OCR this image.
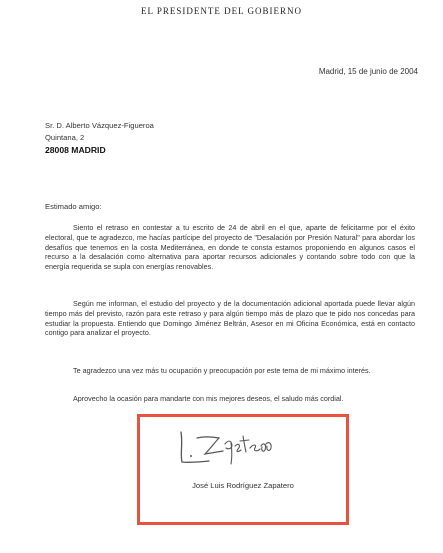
EL PRESIDENTE DEL GOBIERNO
Madrid, 15 de junio de 2004
Sr. D. Alberto Vázquez-Figueroa
Quintana, 2
28008 MADRID
Estimado amigo:
Siento el retraso en contestar a tu escrito de 24 de abril en el que, aparte de felicitarme por el éxito electoral, que te agradezco, me hacías partícipe del proyecto de "Desalación por Presión Natural" para abordar los desafíos que tenemos en la costa Mediterránea, en donde te consta estamos proponiendo en algunos casos el recurso a la desalación como alternativa para aportar recursos adicionales y contando sobre todo con que la energía requerida se supla con energías renovables.
Según me informan, el estudio del proyecto y de la documentación adicional aportada puede llevar algún tiempo más del previsto, razón para este retraso y para algún tiempo más de plazo que te pido nos concedas para estudiar la propuesta. Entiendo que Domingo Jiménez Beltrán, Asesor en mi Oficina Económica, está en contacto contigo para analizar el proyecto.
Te agradezco una vez más tu ocupación y preocupación por este tema de mi máximo interés.
Aprovecho la ocasión para mandarte con mis mejores deseos, el saludo más cordial.
José Luis Rodríguez Zapatero
